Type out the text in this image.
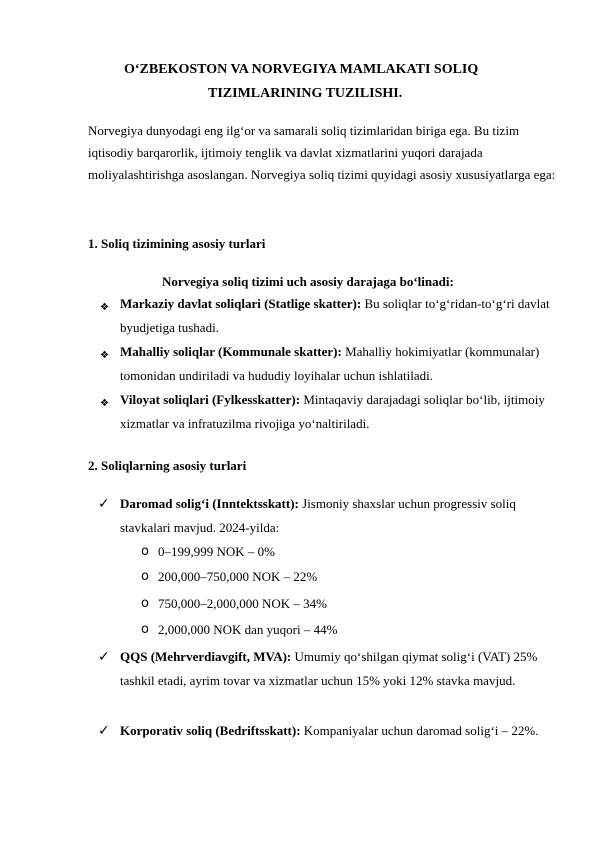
O‘ZBEKOSTON VA NORVEGIYA MAMLAKATI SOLIQ
TIZIMLARINING TUZILISHI.

Norvegiya dunyodagi eng ilg‘or va samarali soliq tizimlaridan biriga ega. Bu tizim iqtisodiy barqarorlik, ijtimoiy tenglik va davlat xizmatlarini yuqori darajada moliyalashtirishga asoslangan. Norvegiya soliq tizimi quyidagi asosiy xususiyatlarga ega:

1. Soliq tizimining asosiy turlari
Norvegiya soliq tizimi uch asosiy darajaga bo‘linadi:
❖ Markaziy davlat soliqlari (Statlige skatter): Bu soliqlar to‘g‘ridan-to‘g‘ri davlat byudjetiga tushadi.

❖ Mahalliy soliqlar (Kommunale skatter): Mahalliy hokimiyatlar (kommunalar) tomonidan undiriladi va hududiy loyihalar uchun ishlatiladi.

❖ Viloyat soliqlari (Fylkesskatter): Mintaqaviy darajadagi soliqlar bo‘lib, ijtimoiy xizmatlar va infratuzilma rivojiga yo‘naltiriladi.

2. Soliqlarning asosiy turlari
✓ Daromad solig‘i (Inntektsskatt): Jismoniy shaxslar uchun progressiv soliq stavkalari mavjud. 2024-yilda:

o 0–199,999 NOK – 0%
o 200,000–750,000 NOK – 22%
o 750,000–2,000,000 NOK – 34%
o 2,000,000 NOK dan yuqori – 44%
✓ QQS (Mehrverdiavgift, MVA): Umumiy qo‘shilgan qiymat solig‘i (VAT) 25% tashkil etadi, ayrim tovar va xizmatlar uchun 15% yoki 12% stavka mavjud.

✓ Korporativ soliq (Bedriftsskatt): Kompaniyalar uchun daromad solig‘i – 22%.
